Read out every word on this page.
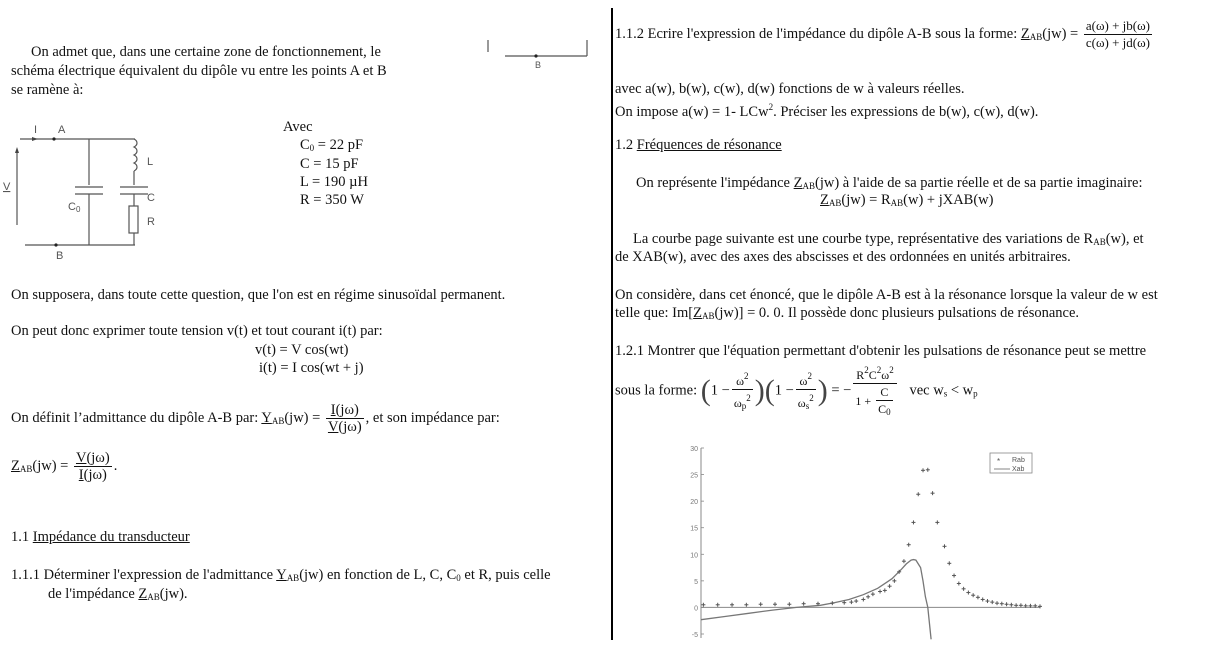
On admet que, dans une certaine zone de fonctionnement, le
schéma électrique équivalent du dipôle vu entre les points A et B
se ramène à:
B
I A
B
V
C0
L
C
R
Avec
$C_0 = 22$ pF
C = 15 pF
L = 190 µH
R = 350 W
On supposera, dans toute cette question, que l'on est en régime sinusoïdal permanent.
On peut donc exprimer toute tension v(t) et tout courant i(t) par:
v(t) = V cos(wt)
i(t) = I cos(wt + j)
On définit l’admittance du dipôle A-B par: $Y_{AB}(jw) = \frac{I(j\omega)}{V(j\omega)}$ , et son impédance par:
$Z_{AB}(jw) = \frac{V(j\omega)}{I(j\omega)}$ .
1.1 Impédance du transducteur
1.1.1 Déterminer l'expression de l'admittance $Y_{AB}(jw)$ en fonction de L, C, $C_0$ et R, puis celle
de l'impédance $Z_{AB}(jw)$.
1.1.2 Ecrire l'expression de l'impédance du dipôle A-B sous la forme: $Z_{AB}(jw) = \frac{a(\omega) + jb(\omega)}{c(\omega) + jd(\omega)}$
avec a(w), b(w), c(w), d(w) fonctions de w à valeurs réelles.
On impose a(w) = 1- LCw$^2$. Préciser les expressions de b(w), c(w), d(w).
1.2 Fréquences de résonance
On représente l'impédance $Z_{AB}(jw)$ à l'aide de sa partie réelle et de sa partie imaginaire:
$Z_{AB}(jw) = R_{AB}(w)$ + jXAB(w)
La courbe page suivante est une courbe type, représentative des variations de $R_{AB}(w)$, et
de XAB(w), avec des axes des abscisses et des ordonnées en unités arbitraires.
On considère, dans cet énoncé, que le dipôle A-B est à la résonance lorsque la valeur de w est
telle que: $Im[Z_{AB}(jw)] = 0$. 0. Il possède donc plusieurs pulsations de résonance.
1.2.1 Montrer que l'équation permettant d'obtenir les pulsations de résonance peut se mettre
sous la forme: $(1 - \frac{\omega^2}{\omega_p^2} )(1 - \frac{\omega^2}{\omega_s^2}$ ) = − $\frac{R^2C^2\omega^2}{1 + \frac{C}{C_0}}$ vec $w_s < w_p$
30
25
20
15
10
5
0
-5
* Rab
Xab
